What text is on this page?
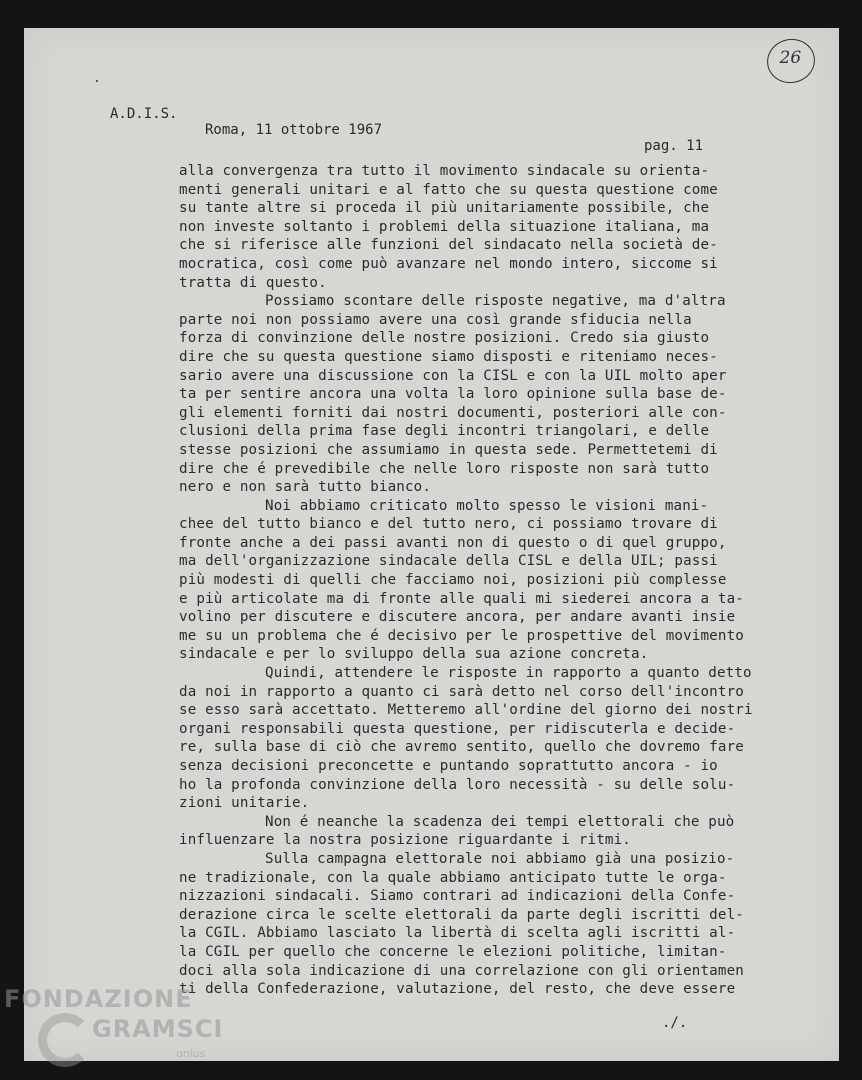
26

A.D.I.S.

Roma, 11 ottobre 1967

pag. 11

alla convergenza tra tutto il movimento sindacale su orienta-
menti generali unitari e al fatto che su questa questione come
su tante altre si proceda il più unitariamente possibile, che
non investe soltanto i problemi della situazione italiana, ma
che si riferisce alle funzioni del sindacato nella società de-
mocratica, così come può avanzare nel mondo intero, siccome si
tratta di questo.
Possiamo scontare delle risposte negative, ma d'altra
parte noi non possiamo avere una così grande sfiducia nella
forza di convinzione delle nostre posizioni. Credo sia giusto
dire che su questa questione siamo disposti e riteniamo neces-
sario avere una discussione con la CISL e con la UIL molto aper
ta per sentire ancora una volta la loro opinione sulla base de-
gli elementi forniti dai nostri documenti, posteriori alle con-
clusioni della prima fase degli incontri triangolari, e delle
stesse posizioni che assumiamo in questa sede. Permettetemi di
dire che é prevedibile che nelle loro risposte non sarà tutto
nero e non sarà tutto bianco.
Noi abbiamo criticato molto spesso le visioni mani-
chee del tutto bianco e del tutto nero, ci possiamo trovare di
fronte anche a dei passi avanti non di questo o di quel gruppo,
ma dell'organizzazione sindacale della CISL e della UIL; passi
più modesti di quelli che facciamo noi, posizioni più complesse
e più articolate ma di fronte alle quali mi siederei ancora a ta-
volino per discutere e discutere ancora, per andare avanti insie
me su un problema che é decisivo per le prospettive del movimento
sindacale e per lo sviluppo della sua azione concreta.
Quindi, attendere le risposte in rapporto a quanto detto
da noi in rapporto a quanto ci sarà detto nel corso dell'incontro
se esso sarà accettato. Metteremo all'ordine del giorno dei nostri
organi responsabili questa questione, per ridiscuterla e decide-
re, sulla base di ciò che avremo sentito, quello che dovremo fare
senza decisioni preconcette e puntando soprattutto ancora - io
ho la profonda convinzione della loro necessità - su delle solu-
zioni unitarie.
Non é neanche la scadenza dei tempi elettorali che può
influenzare la nostra posizione riguardante i ritmi.
Sulla campagna elettorale noi abbiamo già una posizio-
ne tradizionale, con la quale abbiamo anticipato tutte le orga-
nizzazioni sindacali. Siamo contrari ad indicazioni della Confe-
derazione circa le scelte elettorali da parte degli iscritti del-
la CGIL. Abbiamo lasciato la libertà di scelta agli iscritti al-
la CGIL per quello che concerne le elezioni politiche, limitan-
doci alla sola indicazione di una correlazione con gli orientamen
ti della Confederazione, valutazione, del resto, che deve essere
./.
FONDAZIONE
GRAMSCI
onlus
